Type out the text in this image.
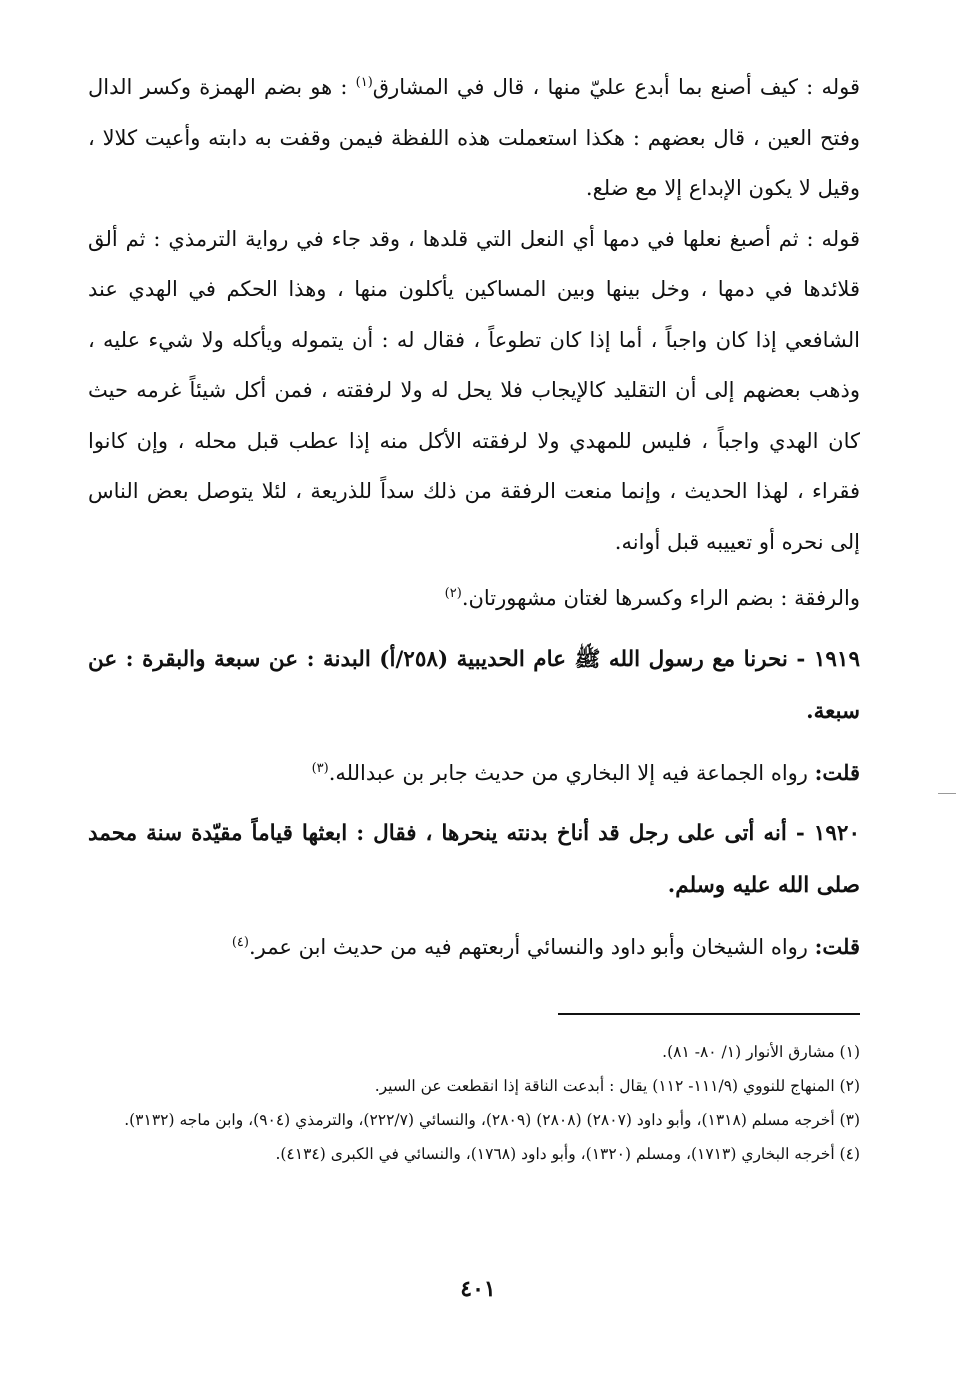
قوله : كيف أصنع بما أبدع عليّ منها ، قال في المشارق$^{(١)}$ : هو بضم الهمزة وكسر الدال وفتح العين ، قال بعضهم : هكذا استعملت هذه اللفظة فيمن وقفت به دابته وأعيت كلالا ، وقيل لا يكون الإبداع إلا مع ضلع.

قوله : ثم أصبغ نعلها في دمها أي النعل التي قلدها ، وقد جاء في رواية الترمذي : ثم ألق قلائدها في دمها ، وخل بينها وبين المساكين يأكلون منها ، وهذا الحكم في الهدي عند الشافعي إذا كان واجباً ، أما إذا كان تطوعاً ، فقال له : أن يتموله ويأكله ولا شيء عليه ، وذهب بعضهم إلى أن التقليد كالإيجاب فلا يحل له ولا لرفقته ، فمن أكل شيئاً غرمه حيث كان الهدي واجباً ، فليس للمهدي ولا لرفقته الأكل منه إذا عطب قبل محله ، وإن كانوا فقراء ، لهذا الحديث ، وإنما منعت الرفقة من ذلك سداً للذريعة ، لئلا يتوصل بعض الناس إلى نحره أو تعييبه قبل أوانه.

والرفقة : بضم الراء وكسرها لغتان مشهورتان.$^{(٢)}$

١٩١٩ - نحرنا مع رسول الله ﷺ عام الحديبية (٢٥٨/أ) البدنة : عن سبعة والبقرة : عن سبعة.

قلت: رواه الجماعة فيه إلا البخاري من حديث جابر بن عبدالله.$^{(٣)}$

١٩٢٠ - أنه أتى على رجل قد أناخ بدنته ينحرها ، فقال : ابعثها قياماً مقيّدة سنة محمد صلى الله عليه وسلم.

قلت: رواه الشيخان وأبو داود والنسائي أربعتهم فيه من حديث ابن عمر.$^{(٤)}$

(١) مشارق الأنوار (١/ ٨٠- ٨١).

(٢) المنهاج للنووي (١١١/٩- ١١٢) يقال : أبدعت الناقة إذا انقطعت عن السير.

(٣) أخرجه مسلم (١٣١٨)، وأبو داود (٢٨٠٧) (٢٨٠٨) (٢٨٠٩)، والنسائي (٢٢٢/٧)، والترمذي (٩٠٤)، وابن ماجه (٣١٣٢).

(٤) أخرجه البخاري (١٧١٣)، ومسلم (١٣٢٠)، وأبو داود (١٧٦٨)، والنسائي في الكبرى (٤١٣٤).

٤٠١
